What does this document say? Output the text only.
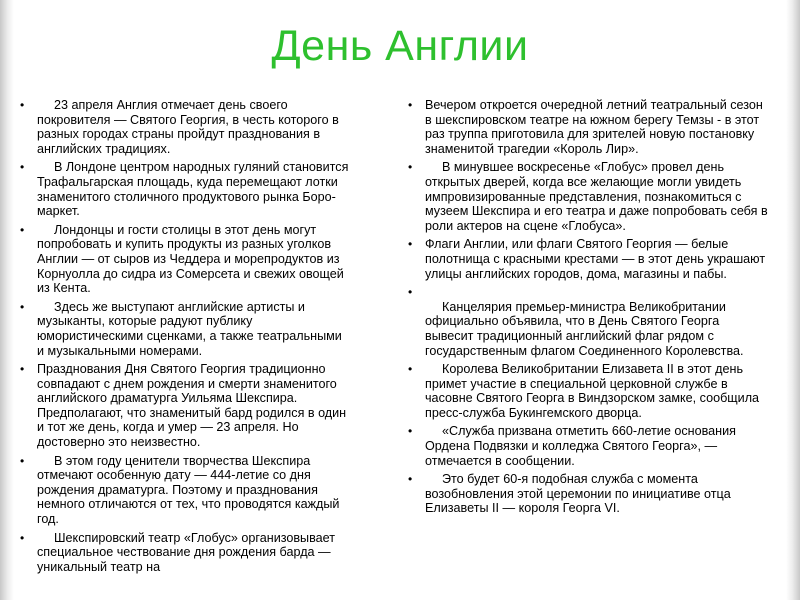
День Англии
•	23 апреля Англия отмечает день своего покровителя — Святого Георгия, в честь которого в разных городах страны пройдут празднования в английских традициях.
•	В Лондоне центром народных гуляний становится Трафальгарская площадь, куда перемещают лотки знаменитого столичного продуктового рынка Боро-маркет.
•	Лондонцы и гости столицы в этот день могут попробовать и купить продукты из разных уголков Англии — от сыров из Чеддера и морепродуктов из Корнуолла до сидра из Сомерсета и свежих овощей из Кента.
•	Здесь же выступают английские артисты и музыканты, которые радуют публику юмористическими сценками, а также театральными и музыкальными номерами.
•	Празднования Дня Святого Георгия традиционно совпадают с днем рождения и смерти знаменитого английского драматурга Уильяма Шекспира. Предполагают, что знаменитый бард родился в один и тот же день, когда и умер — 23 апреля. Но достоверно это неизвестно.
•	В этом году ценители творчества Шекспира отмечают особенную дату — 444-летие со дня рождения драматурга. Поэтому и празднования немного отличаются от тех, что проводятся каждый год.
•	Шекспировский театр «Глобус» организовывает специальное чествование дня рождения барда — уникальный театр на
•	Вечером откроется очередной летний театральный сезон в шекспировском театре на южном берегу Темзы - в этот раз труппа приготовила для зрителей новую постановку знаменитой трагедии «Король Лир».
•	В минувшее воскресенье «Глобус» провел день открытых дверей, когда все желающие могли увидеть импровизированные представления, познакомиться с музеем Шекспира и его театра и даже попробовать себя в роли актеров на сцене «Глобуса».
•	Флаги Англии, или флаги Святого Георгия — белые полотнища с красными крестами — в этот день украшают улицы английских городов, дома, магазины и пабы.
•

Канцелярия премьер-министра Великобритании официально объявила, что в День Святого Георга вывесит традиционный английский флаг рядом с государственным флагом Соединенного Королевства.
•	Королева Великобритании Елизавета II в этот день примет участие в специальной церковной службе в часовне Святого Георга в Виндзорском замке, сообщила пресс-служба Букингемского дворца.
•	«Служба призвана отметить 660-летие основания Ордена Подвязки и колледжа Святого Георга», — отмечается в сообщении.
•	Это будет 60-я подобная служба с момента возобновления этой церемонии по инициативе отца Елизаветы II — короля Георга VI.
